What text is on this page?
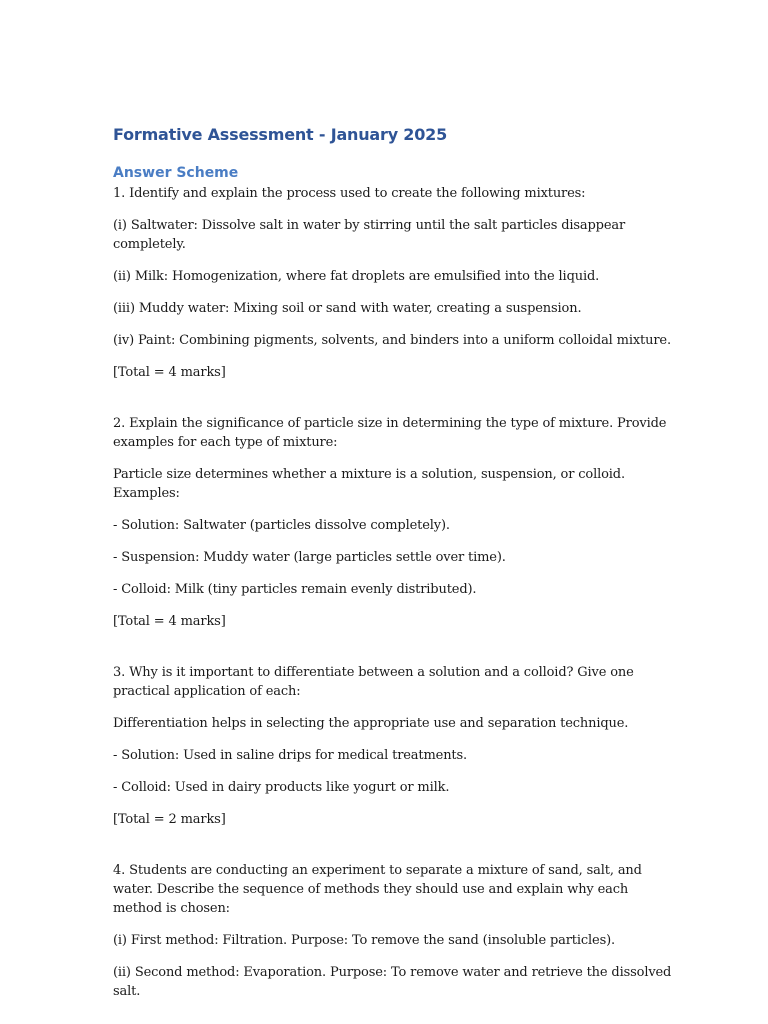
Formative Assessment - January 2025
Answer Scheme

1. Identify and explain the process used to create the following mixtures:

(i) Saltwater: Dissolve salt in water by stirring until the salt particles disappear completely.

(ii) Milk: Homogenization, where fat droplets are emulsified into the liquid.

(iii) Muddy water: Mixing soil or sand with water, creating a suspension.

(iv) Paint: Combining pigments, solvents, and binders into a uniform colloidal mixture.

[Total = 4 marks]

2. Explain the significance of particle size in determining the type of mixture. Provide examples for each type of mixture:

Particle size determines whether a mixture is a solution, suspension, or colloid. Examples:

- Solution: Saltwater (particles dissolve completely).

- Suspension: Muddy water (large particles settle over time).

- Colloid: Milk (tiny particles remain evenly distributed).

[Total = 4 marks]

3. Why is it important to differentiate between a solution and a colloid? Give one practical application of each:

Differentiation helps in selecting the appropriate use and separation technique.

- Solution: Used in saline drips for medical treatments.

- Colloid: Used in dairy products like yogurt or milk.

[Total = 2 marks]

4. Students are conducting an experiment to separate a mixture of sand, salt, and water. Describe the sequence of methods they should use and explain why each method is chosen:

(i) First method: Filtration. Purpose: To remove the sand (insoluble particles).

(ii) Second method: Evaporation. Purpose: To remove water and retrieve the dissolved salt.
